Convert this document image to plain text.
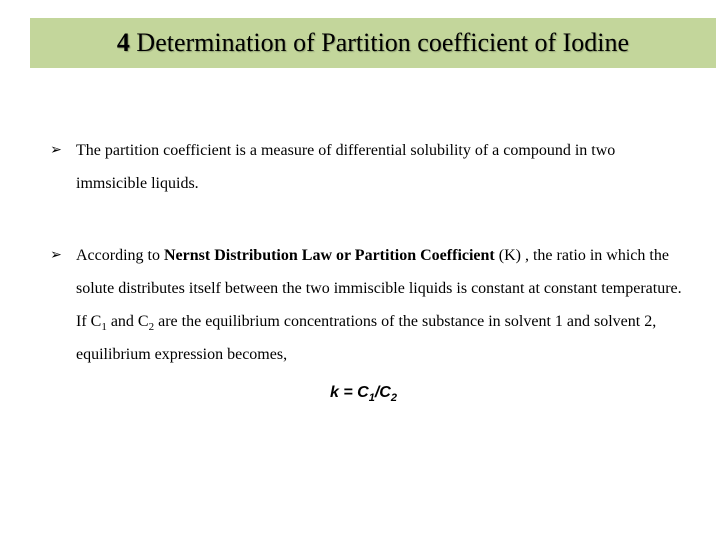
4 Determination of Partition coefficient of Iodine
➢ The partition coefficient is a measure of differential solubility of a compound in two immsicible liquids.
➢ According to Nernst Distribution Law or Partition Coefficient (K) , the ratio in which the solute distributes itself between the two immiscible liquids is constant at constant temperature. If $C_1$ and $C_2$ are the equilibrium concentrations of the substance in solvent 1 and solvent 2, equilibrium expression becomes,
$k = C_1/C_2$
